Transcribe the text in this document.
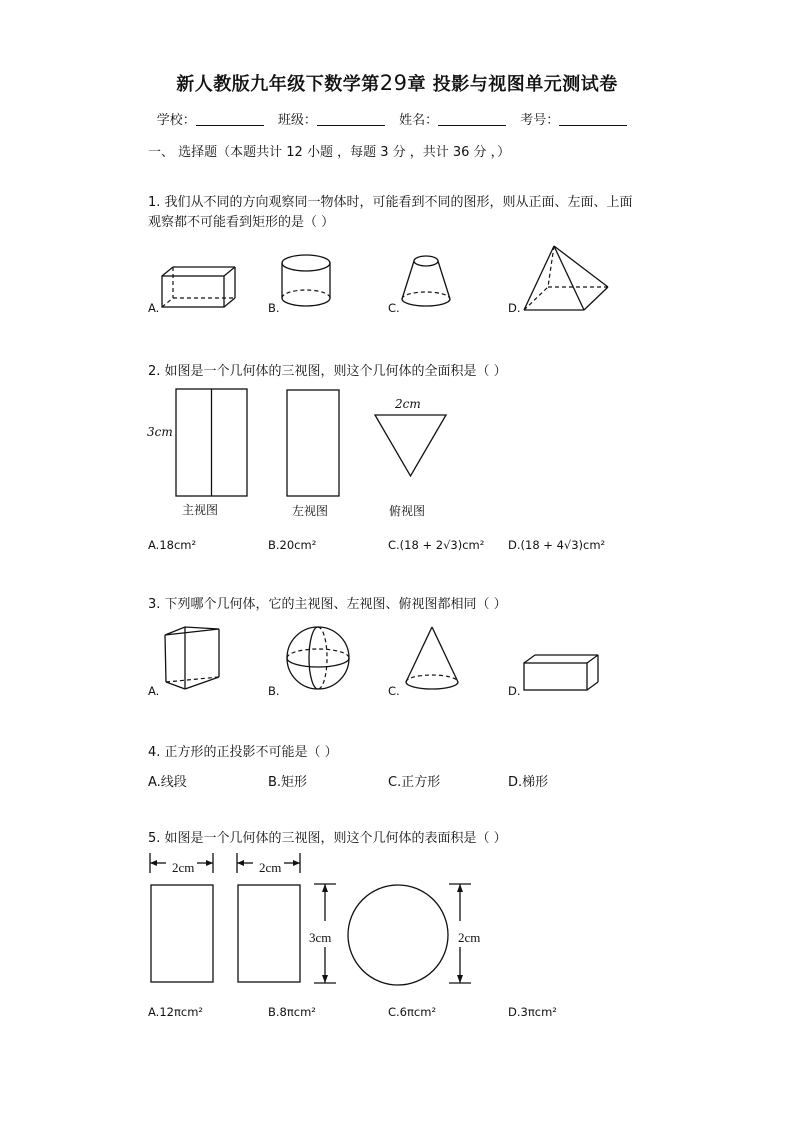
新人教版九年级下数学第29章 投影与视图单元测试卷
学校：	班级：	姓名：	考号：
一、 选择题（本题共计 12 小题 ，每题 3 分 ，共计 36 分 ，）
1. 我们从不同的方向观察同一物体时，可能看到不同的图形，则从正面、左面、上面
观察都不可能看到矩形的是（ ）
A.	B.	C.	D.
2. 如图是一个几何体的三视图，则这个几何体的全面积是（ ）
3cm
2cm
主视图	左视图	俯视图
A.18cm²	B.20cm²	C.(18 + 2√3)cm² D.(18 + 4√3)cm²
3. 下列哪个几何体，它的主视图、左视图、俯视图都相同（ ）
A.	B.	C.	D.
4. 正方形的正投影不可能是（ ）
A.线段	B.矩形	C.正方形	D.梯形
5. 如图是一个几何体的三视图，则这个几何体的表面积是（ ）
2cm	2cm
3cm	2cm
A.12πcm²	B.8πcm²	C.6πcm²	D.3πcm²
